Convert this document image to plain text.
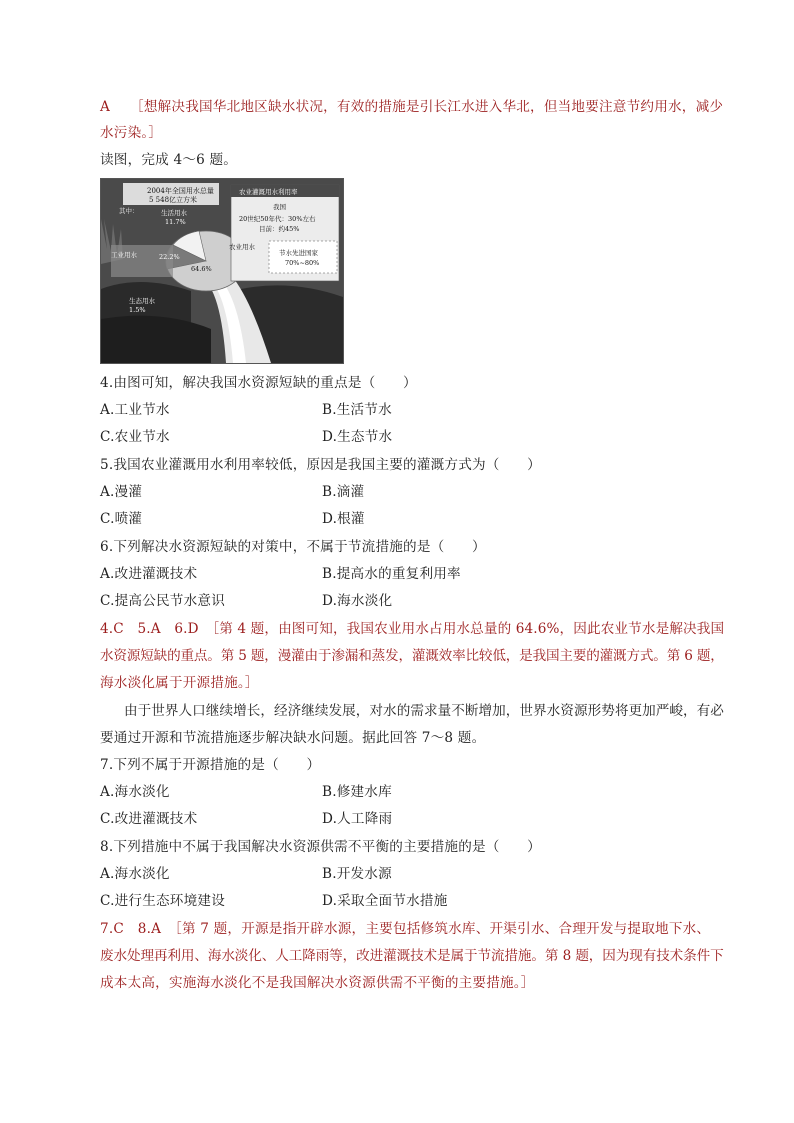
A ［想解决我国华北地区缺水状况，有效的措施是引长江水进入华北，但当地要注意节约用水，减少
水污染。］
读图，完成 4～6 题。
2004年全国用水总量
5 548亿立方米
其中：	生活用水
11.7%
工业用水	22.2%
农业用水
64.6%
生态用水
1.5%
农业灌溉用水利用率
我国
20世纪50年代：30%左右
目前：约45%
节水先进国家
70%~80%
4.由图可知，解决我国水资源短缺的重点是（　　）
A.工业节水	B.生活节水
C.农业节水	D.生态节水
5.我国农业灌溉用水利用率较低，原因是我国主要的灌溉方式为（　　）
A.漫灌	B.滴灌
C.喷灌	D.根灌
6.下列解决水资源短缺的对策中，不属于节流措施的是（　　）
A.改进灌溉技术	B.提高水的重复利用率
C.提高公民节水意识	D.海水淡化
4.C　5.A　6.D　［第 4 题，由图可知，我国农业用水占用水总量的 64.6%，因此农业节水是解决我国
水资源短缺的重点。第 5 题，漫灌由于渗漏和蒸发，灌溉效率比较低，是我国主要的灌溉方式。第 6 题，
海水淡化属于开源措施。］
由于世界人口继续增长，经济继续发展，对水的需求量不断增加，世界水资源形势将更加严峻，有必
要通过开源和节流措施逐步解决缺水问题。据此回答 7～8 题。
7.下列不属于开源措施的是（　　）
A.海水淡化	B.修建水库
C.改进灌溉技术	D.人工降雨
8.下列措施中不属于我国解决水资源供需不平衡的主要措施的是（　　）
A.海水淡化	B.开发水源
C.进行生态环境建设	D.采取全面节水措施
7.C　8.A　［第 7 题，开源是指开辟水源，主要包括修筑水库、开渠引水、合理开发与提取地下水、
废水处理再利用、海水淡化、人工降雨等，改进灌溉技术是属于节流措施。第 8 题，因为现有技术条件下
成本太高，实施海水淡化不是我国解决水资源供需不平衡的主要措施。］
